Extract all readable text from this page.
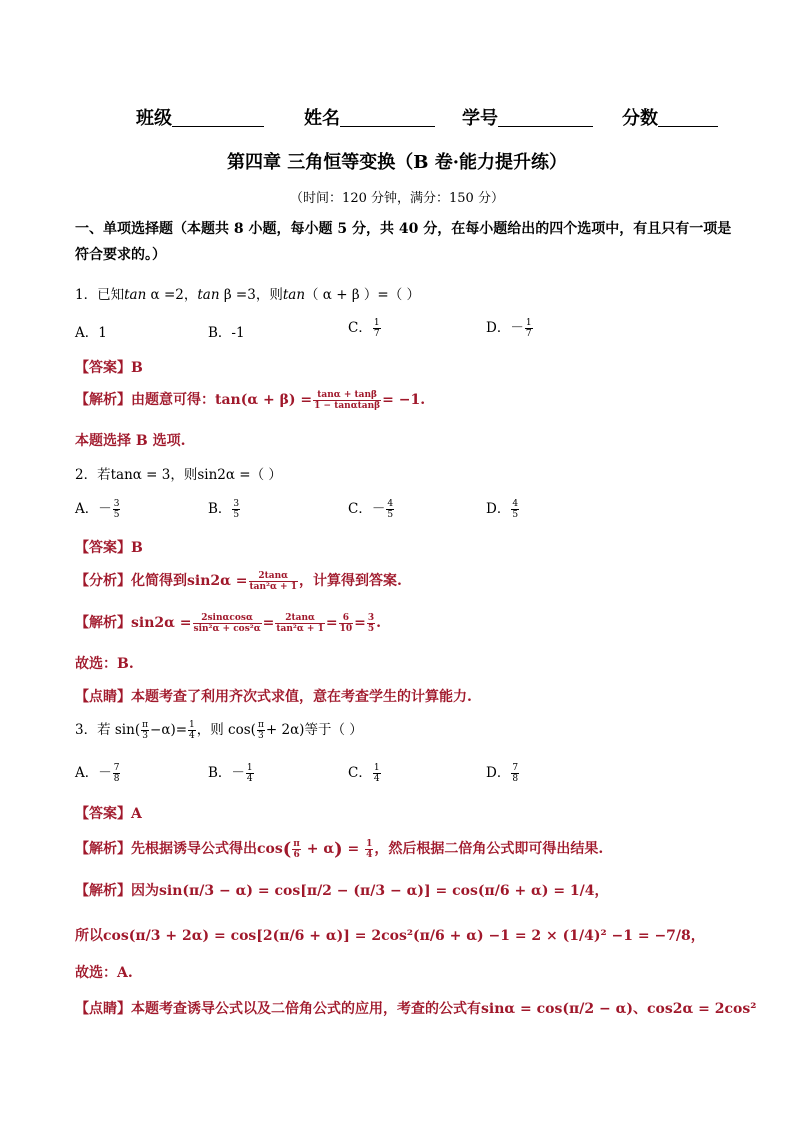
班级	姓名	学号	分数
第四章 三角恒等变换（B 卷·能力提升练）
（时间：120 分钟，满分：150 分）
一、单项选择题（本题共 8 小题，每小题 5 分，共 40 分，在每小题给出的四个选项中，有且只有一项是
符合要求的。）
1．已知tan α =2，tan β =3，则tan（ α + β ）=（ ）
A．1	B．-1	C． $\frac{1}{7}$	D．－ $\frac{1}{7}$
【答案】B
【解析】由题意可得：$\tan(\alpha + \beta) = \frac{\tan\alpha + \tan\beta}{1 - \tan\alpha\tan\beta} = -1$.
本题选择 B 选项.
2．若tanα = 3，则sin2α =（ ）
A．－ $\frac{3}{5}$	B． $\frac{3}{5}$	C．－ $\frac{4}{5}$	D． $\frac{4}{5}$
【答案】B
【分析】化简得到$\sin 2\alpha = \frac{2\tan\alpha}{\text{tan²α + 1}}$ ，计算得到答案.
【解析】$\sin 2\alpha = \frac{2\sin\alpha\cos\alpha}{\text{sin²α + cos²α}} = \frac{2\tan\alpha}{\text{tan²α + 1}} = \frac{6}{10} = \frac{3}{5}$ .
故选：B.
【点睛】本题考查了利用齐次式求值，意在考查学生的计算能力.
3．若 $\sin( \frac{\pi}{3} -\alpha)= \frac{1}{4}$ ，则 $\cos( \frac{\pi}{3} + 2\alpha)$等于（ ）
A．－ $\frac{7}{8}$	B．－ $\frac{1}{4}$	C． $\frac{1}{4}$	D． $\frac{7}{8}$
【答案】A
【解析】先根据诱导公式得出$\cos( \frac{\pi}{6} + \alpha) = \frac{1}{4}$ ，然后根据二倍角公式即可得出结果.
【解析】因为sin(π/3 − α) = cos[π/2 − (π/3 − α)] = cos(π/6 + α) = 1/4，
所以cos(π/3 + 2α) = cos[2(π/6 + α)] = 2cos²(π/6 + α) −1 = 2 × (1/4)² −1 = −7/8，
故选：A.
【点睛】本题考查诱导公式以及二倍角公式的应用，考查的公式有sinα = cos(π/2 − α)、cos2α = 2cos²
